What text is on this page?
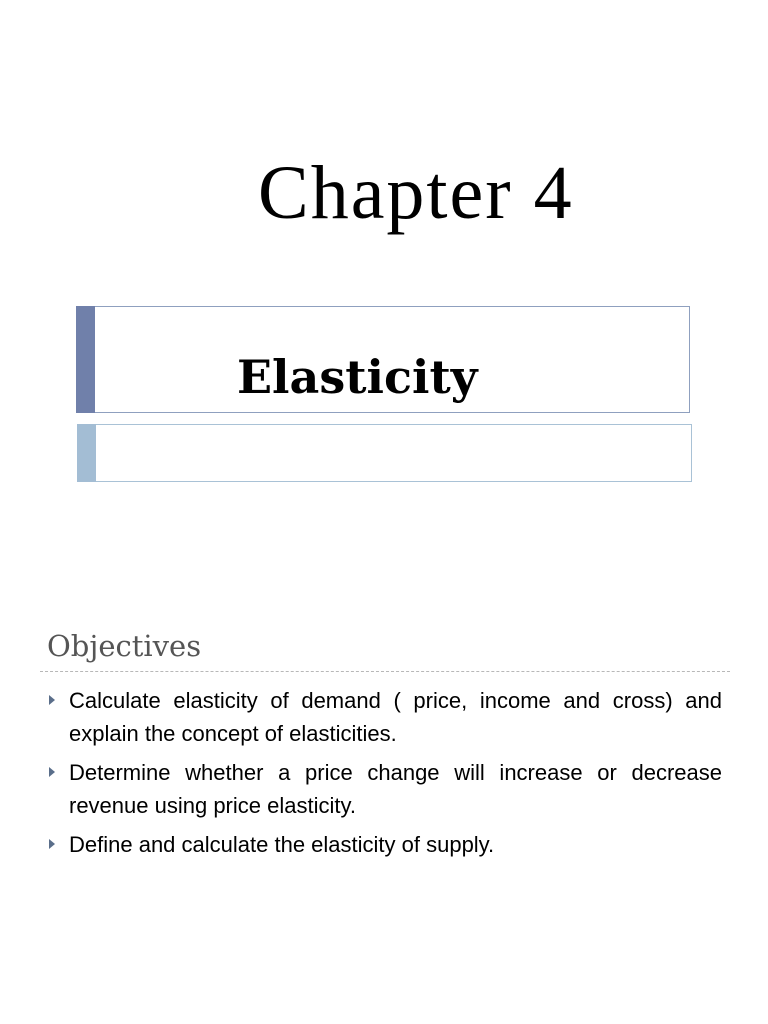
Chapter 4
Elasticity
Objectives
Calculate elasticity of demand ( price, income and cross) and explain the concept of elasticities.
Determine whether a price change will increase or decrease revenue using price elasticity.
Define and calculate the elasticity of supply.
